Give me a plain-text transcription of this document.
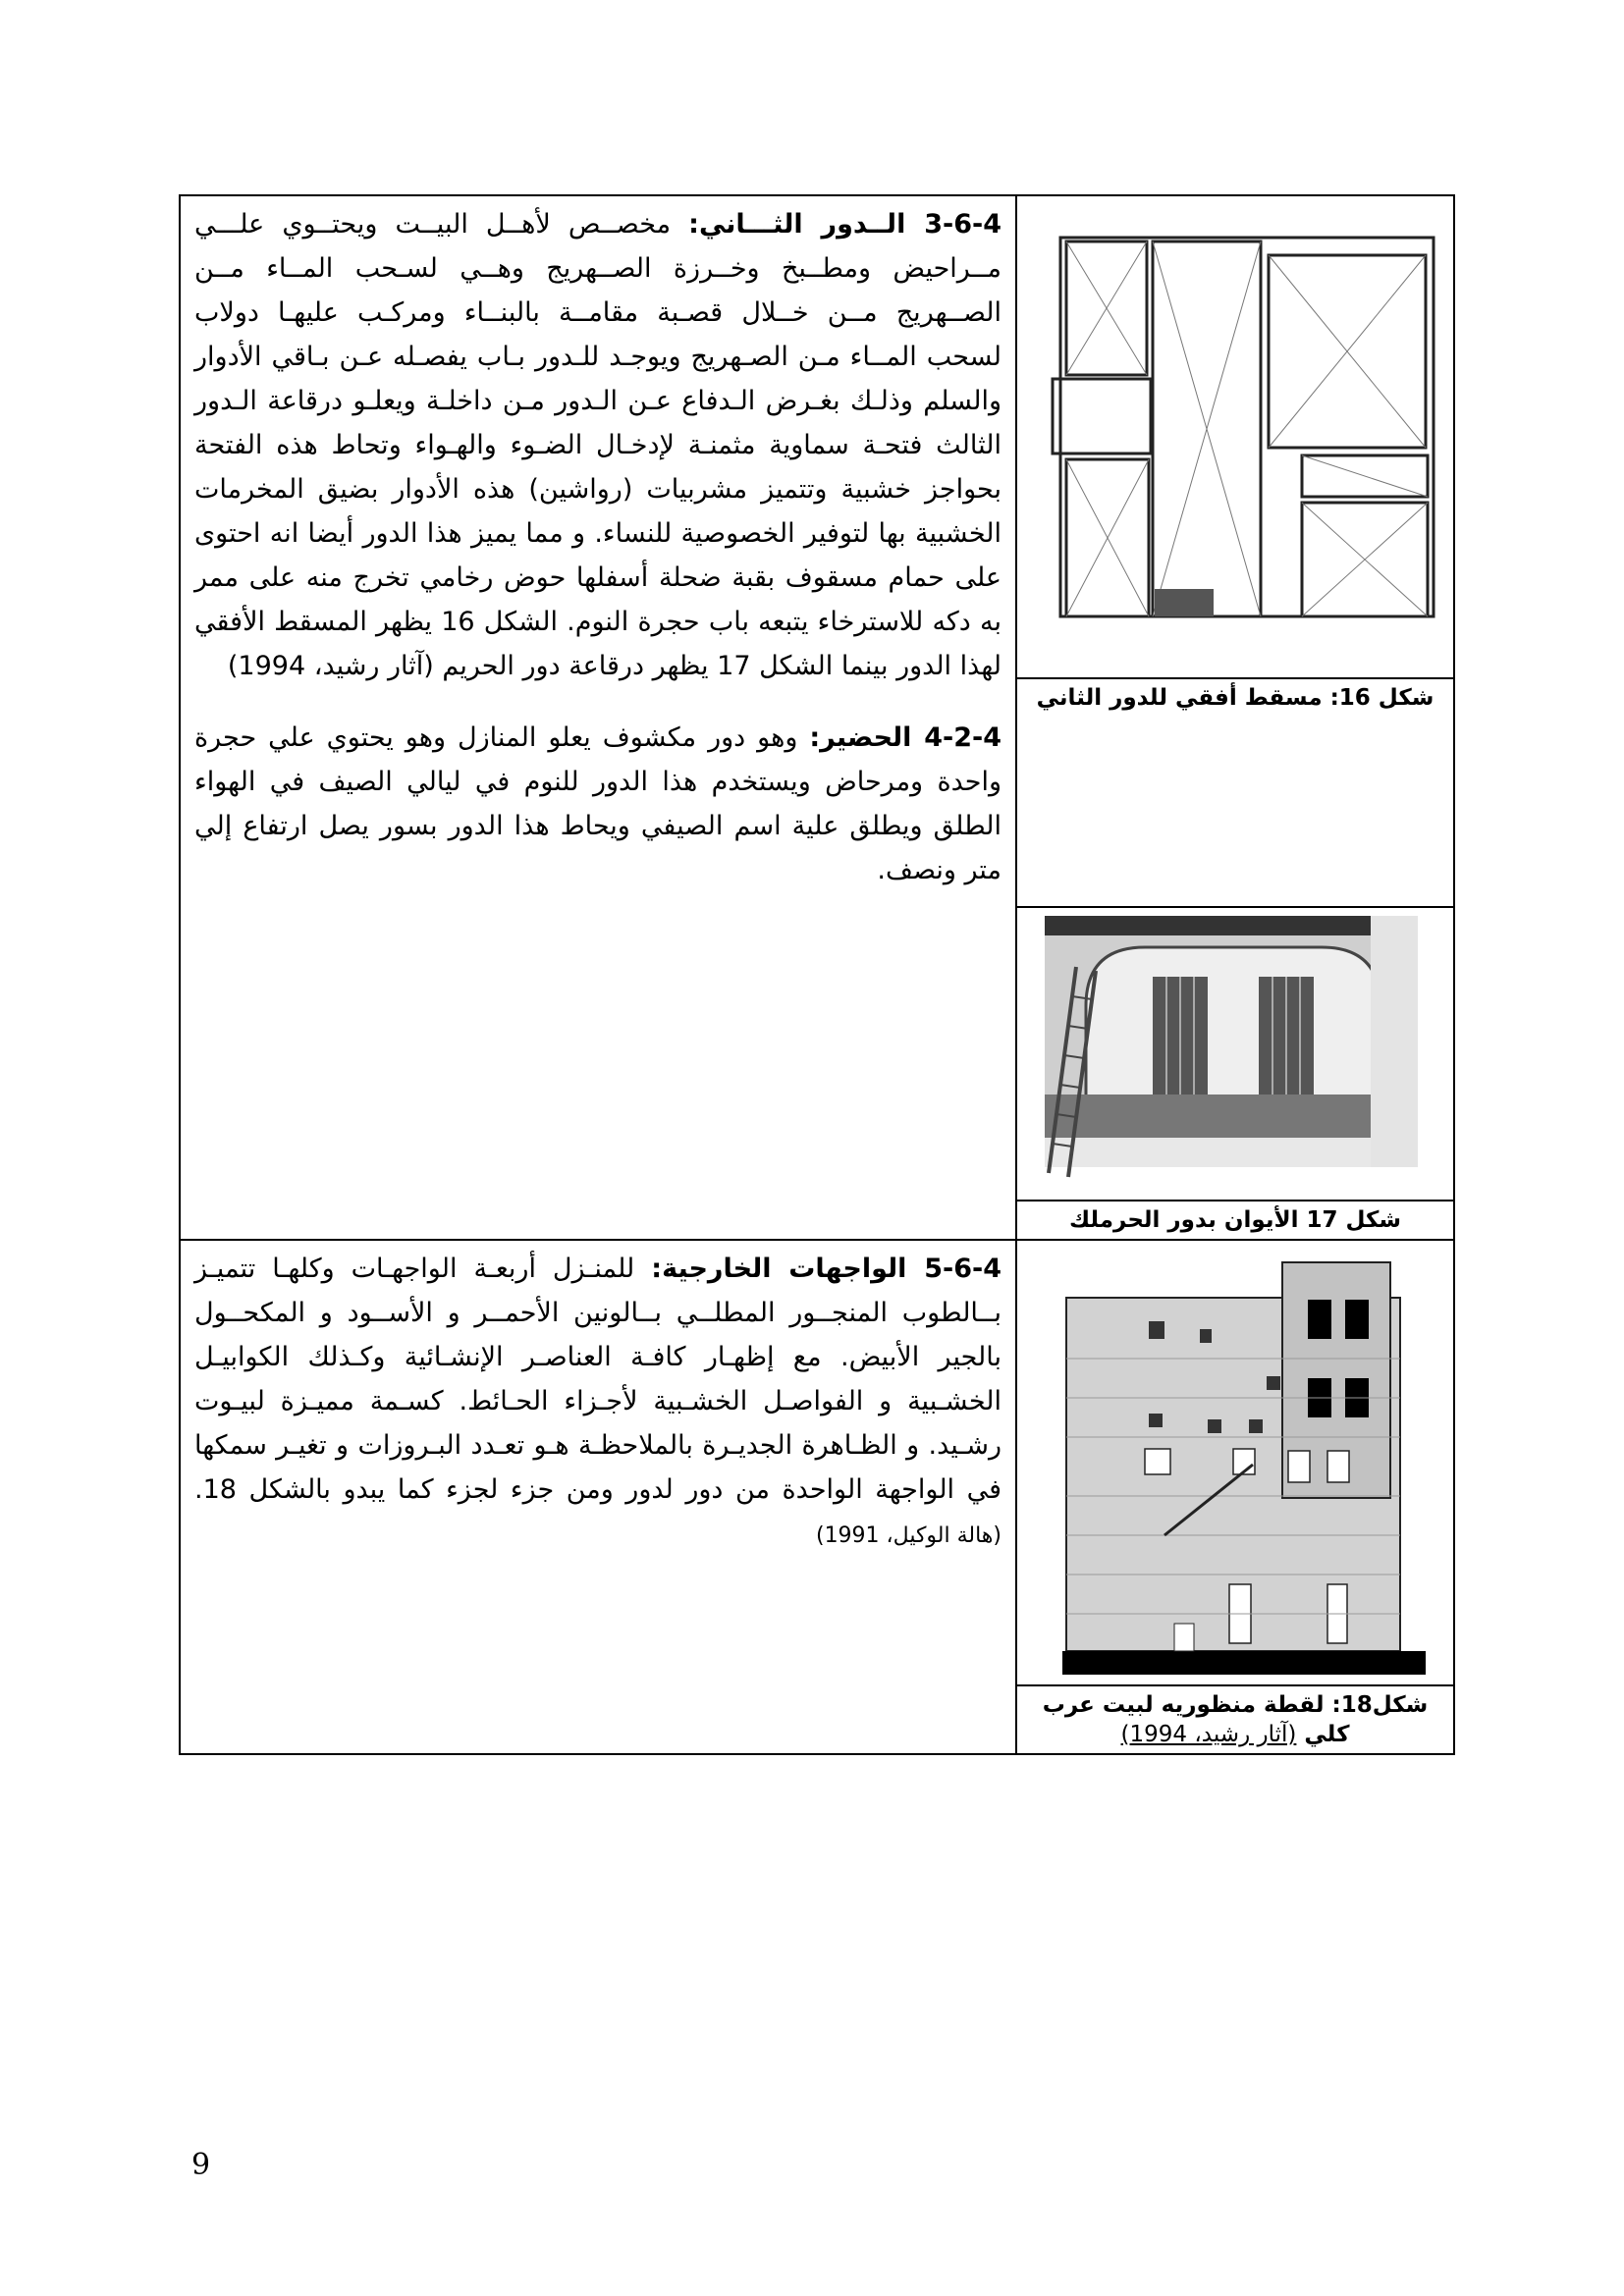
3-6-4 الــدور الثـــاني: مخصــص لأهــل البيــت ويحتــوي علـــي مــراحيض ومطــبخ وخــرزة الصــهريج وهــي لسـحب المــاء مــن الصــهريج مــن خــلال قصـبة مقامــة بالبنــاء ومركـب عليهـا دولاب لسحب المــاء مـن الصـهريج ويوجـد للـدور بـاب يفصـله عـن بـاقي الأدوار والسلم وذلـك بغـرض الـدفاع عـن الـدور مـن داخلـة ويعلـو درقاعة الـدور الثالث فتحـة سماوية مثمنـة لإدخـال الضـوء والهـواء وتحاط هذه الفتحة بحواجز خشبية وتتميز مشربيات (رواشين) هذه الأدوار بضيق المخرمات الخشبية بها لتوفير الخصوصية للنساء. و مما يميز هذا الدور أيضا انه احتوى على حمام مسقوف بقبة ضحلة أسفلها حوض رخامي تخرج منه على ممر به دكه للاسترخاء يتبعه باب حجرة النوم. الشكل 16 يظهر المسقط الأفقي لهذا الدور بينما الشكل 17 يظهر درقاعة دور الحريم (آثار رشيد، 1994)

4-2-4 الحضير: وهو دور مكشوف يعلو المنازل وهو يحتوي علي حجرة واحدة ومرحاض ويستخدم هذا الدور للنوم في ليالي الصيف في الهواء الطلق ويطلق علية اسم الصيفي ويحاط هذا الدور بسور يصل ارتفاع إلي متر ونصف.	شكل 16: مسقط أفقي للدور الثاني

	شكل 17 الأيوان بدور الحرملك

5-6-4 الواجهات الخارجية: للمنـزل أربعـة الواجهـات وكلهـا تتميـز بــالطوب المنجــور المطلــي بــالونين الأحمــر و الأســود و المكحــول بالجير الأبيض. مع إظهـار كافـة العناصـر الإنشـائية وكـذلك الكوابيـل الخشـبية و الفواصـل الخشـبية لأجـزاء الحـائط. كسـمة مميـزة لبيـوت رشـيد. و الظـاهرة الجديـرة بالملاحظـة هـو تعـدد البـروزات و تغيـر سمكها في الواجهة الواحدة من دور لدور ومن جزء لجزء كما يبدو بالشكل 18. (هالة الوكيل، 1991)	شكل18: لقطة منظوريه لبيت عرب كلي (آثار رشيد، 1994)
9
